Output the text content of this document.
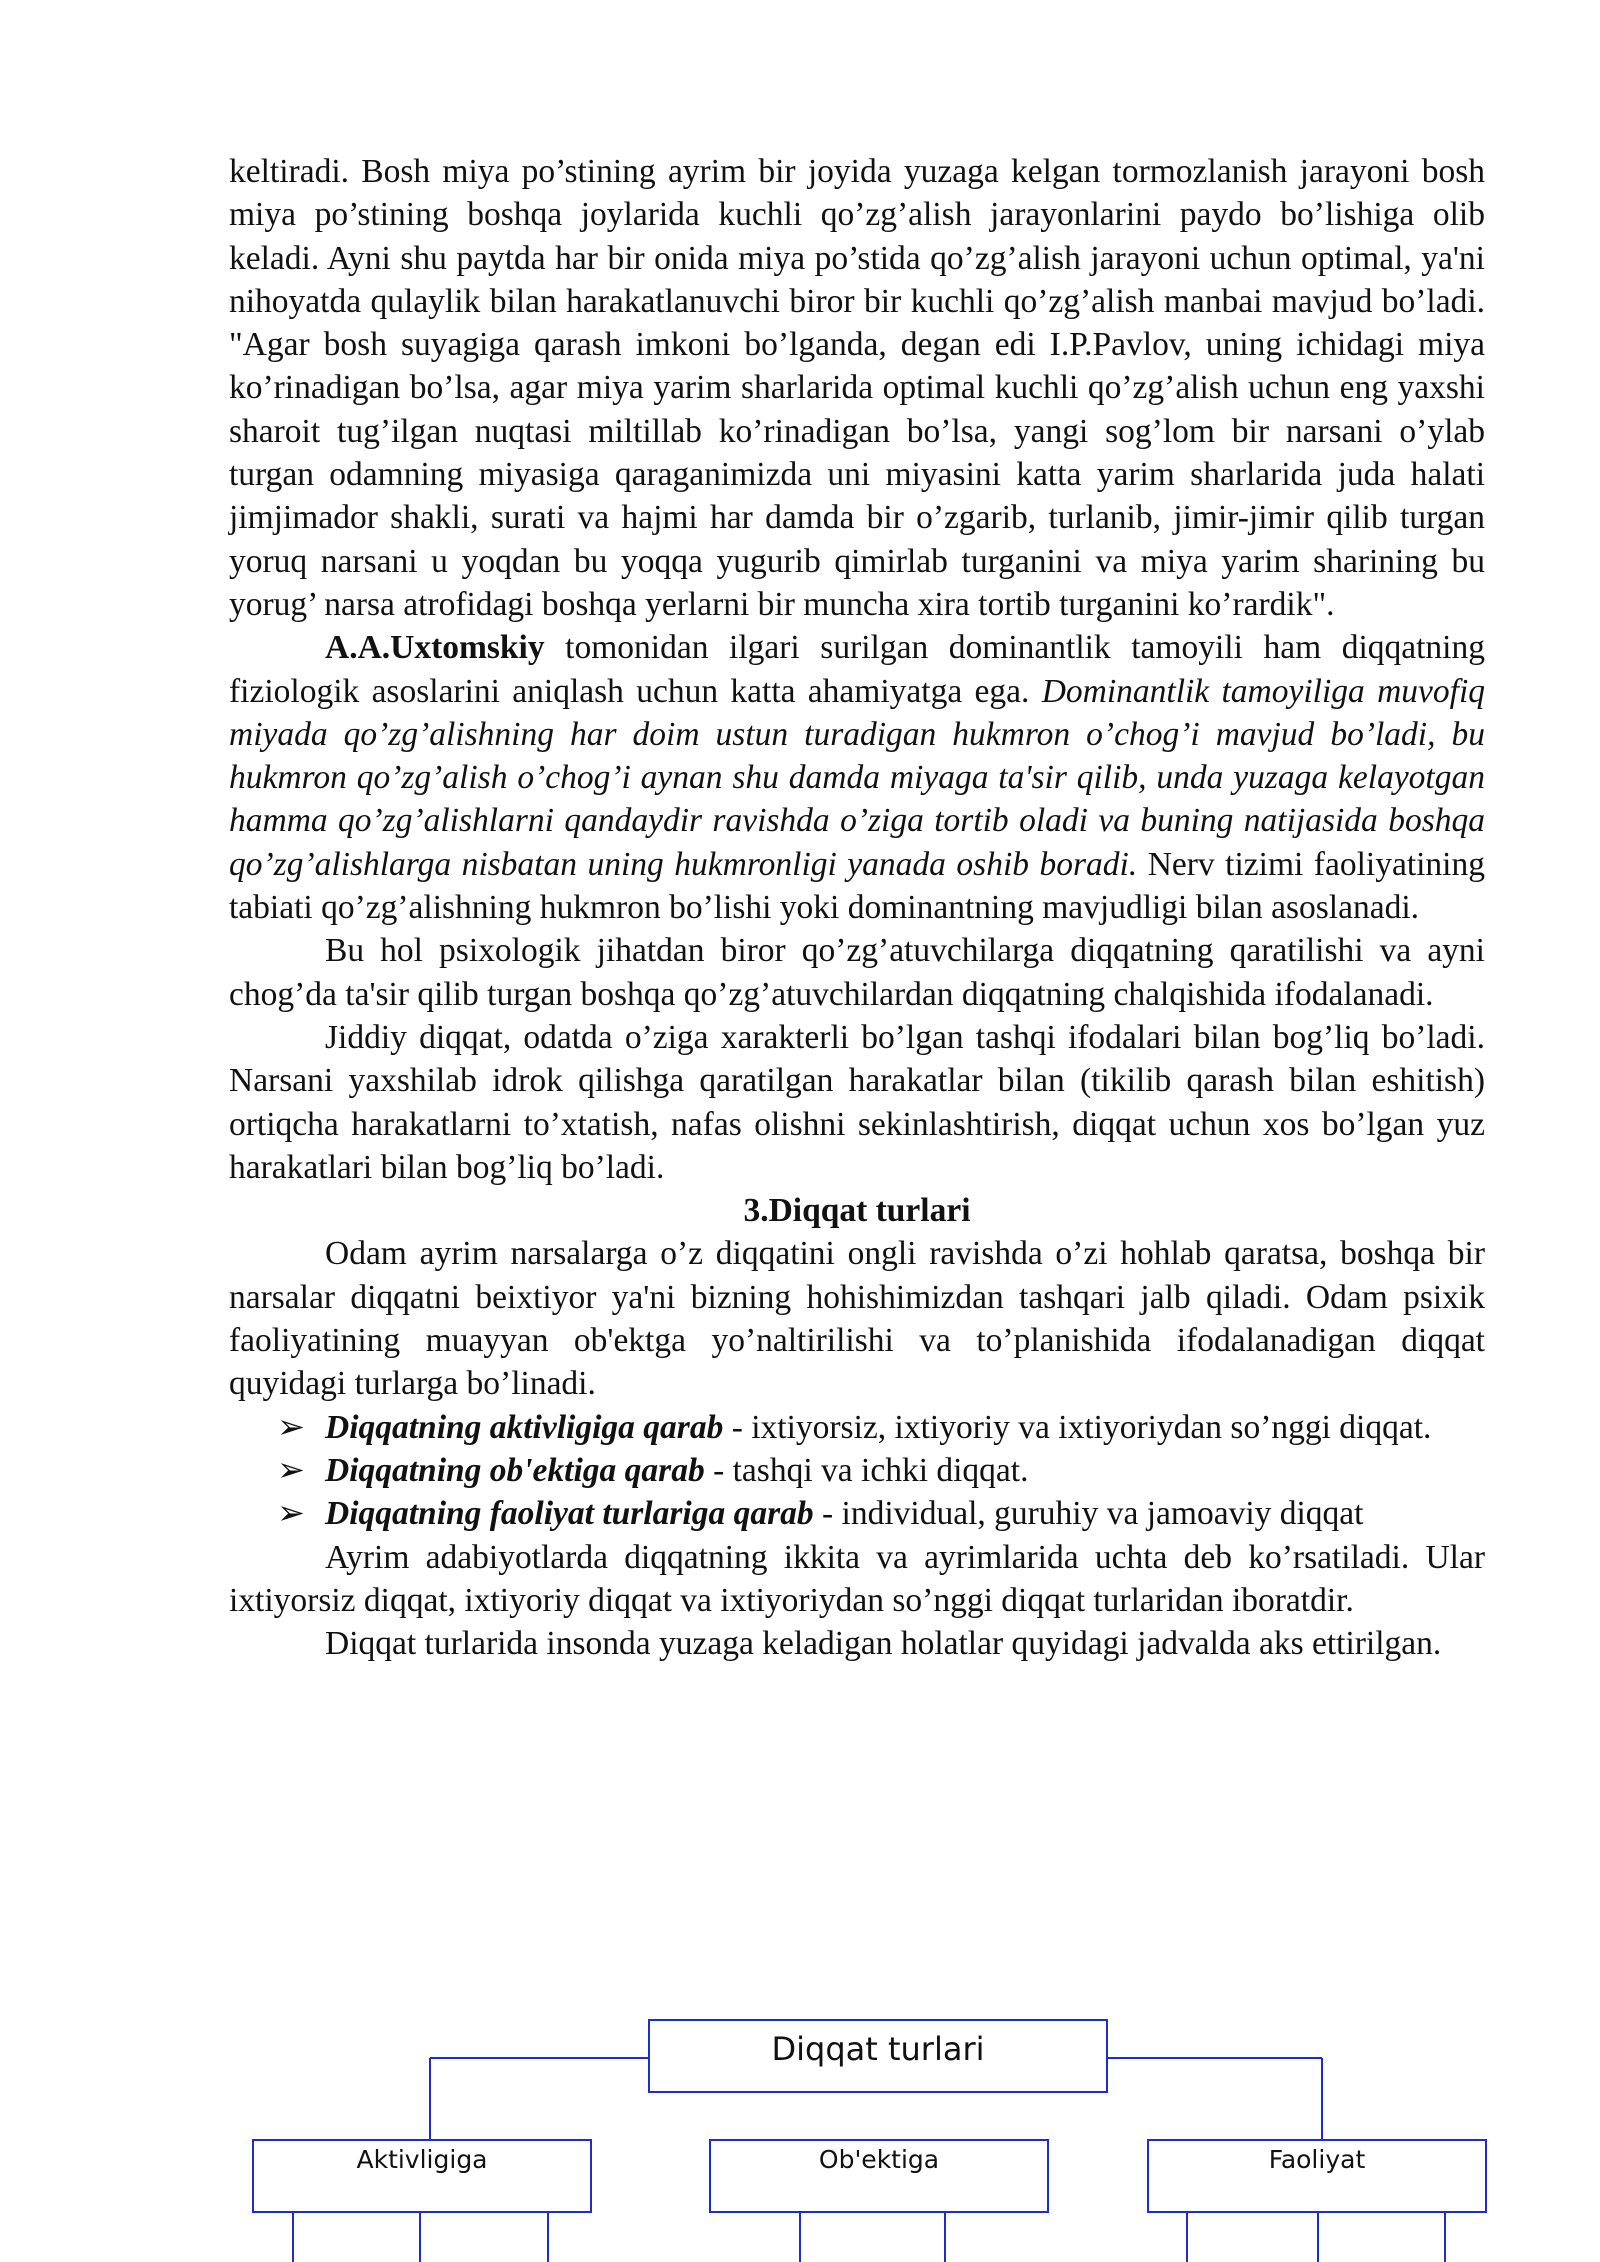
keltiradi. Bosh miya po’stining ayrim bir joyida yuzaga kelgan tormozlanish jarayoni bosh miya po’stining boshqa joylarida kuchli qo’zg’alish jarayonlarini paydo bo’lishiga olib keladi. Ayni shu paytda har bir onida miya po’stida qo’zg’alish jarayoni uchun optimal, ya'ni nihoyatda qulaylik bilan harakatlanuvchi biror bir kuchli qo’zg’alish manbai mavjud bo’ladi. "Agar bosh suyagiga qarash imkoni bo’lganda, degan edi I.P.Pavlov, uning ichidagi miya ko’rinadigan bo’lsa, agar miya yarim sharlarida optimal kuchli qo’zg’alish uchun eng yaxshi sharoit tug’ilgan nuqtasi miltillab ko’rinadigan bo’lsa, yangi sog’lom bir narsani o’ylab turgan odamning miyasiga qaraganimizda uni miyasini katta yarim sharlarida juda halati jimjimador shakli, surati va hajmi har damda bir o’zgarib, turlanib, jimir-jimir qilib turgan yoruq narsani u yoqdan bu yoqqa yugurib qimirlab turganini va miya yarim sharining bu yorug’ narsa atrofidagi boshqa yerlarni bir muncha xira tortib turganini ko’rardik".

A.A.Uxtomskiy tomonidan ilgari surilgan dominantlik tamoyili ham diqqatning fiziologik asoslarini aniqlash uchun katta ahamiyatga ega. Dominantlik tamoyiliga muvofiq miyada qo’zg’alishning har doim ustun turadigan hukmron o’chog’i mavjud bo’ladi, bu hukmron qo’zg’alish o’chog’i aynan shu damda miyaga ta'sir qilib, unda yuzaga kelayotgan hamma qo’zg’alishlarni qandaydir ravishda o’ziga tortib oladi va buning natijasida boshqa qo’zg’alishlarga nisbatan uning hukmronligi yanada oshib boradi. Nerv tizimi faoliyatining tabiati qo’zg’alishning hukmron bo’lishi yoki dominantning mavjudligi bilan asoslanadi.

Bu hol psixologik jihatdan biror qo’zg’atuvchilarga diqqatning qaratilishi va ayni chog’da ta'sir qilib turgan boshqa qo’zg’atuvchilardan diqqatning chalqishida ifodalanadi.

Jiddiy diqqat, odatda o’ziga xarakterli bo’lgan tashqi ifodalari bilan bog’liq bo’ladi. Narsani yaxshilab idrok qilishga qaratilgan harakatlar bilan (tikilib qarash bilan eshitish) ortiqcha harakatlarni to’xtatish, nafas olishni sekinlashtirish, diqqat uchun xos bo’lgan yuz harakatlari bilan bog’liq bo’ladi.

3.Diqqat turlari

Odam ayrim narsalarga o’z diqqatini ongli ravishda o’zi hohlab qaratsa, boshqa bir narsalar diqqatni beixtiyor ya'ni bizning hohishimizdan tashqari jalb qiladi. Odam psixik faoliyatining muayyan ob'ektga yo’naltirilishi va to’planishida ifodalanadigan diqqat quyidagi turlarga bo’linadi.

➢ Diqqatning aktivligiga qarab - ixtiyorsiz, ixtiyoriy va ixtiyoriydan so’nggi diqqat.
➢ Diqqatning ob'ektiga qarab - tashqi va ichki diqqat.
➢ Diqqatning faoliyat turlariga qarab - individual, guruhiy va jamoaviy diqqat

Ayrim adabiyotlarda diqqatning ikkita va ayrimlarida uchta deb ko’rsatiladi. Ular ixtiyorsiz diqqat, ixtiyoriy diqqat va ixtiyoriydan so’nggi diqqat turlaridan iboratdir.

Diqqat turlarida insonda yuzaga keladigan holatlar quyidagi jadvalda aks ettirilgan.

Diqqat turlari
Aktivligiga	Ob'ektiga	Faoliyat
